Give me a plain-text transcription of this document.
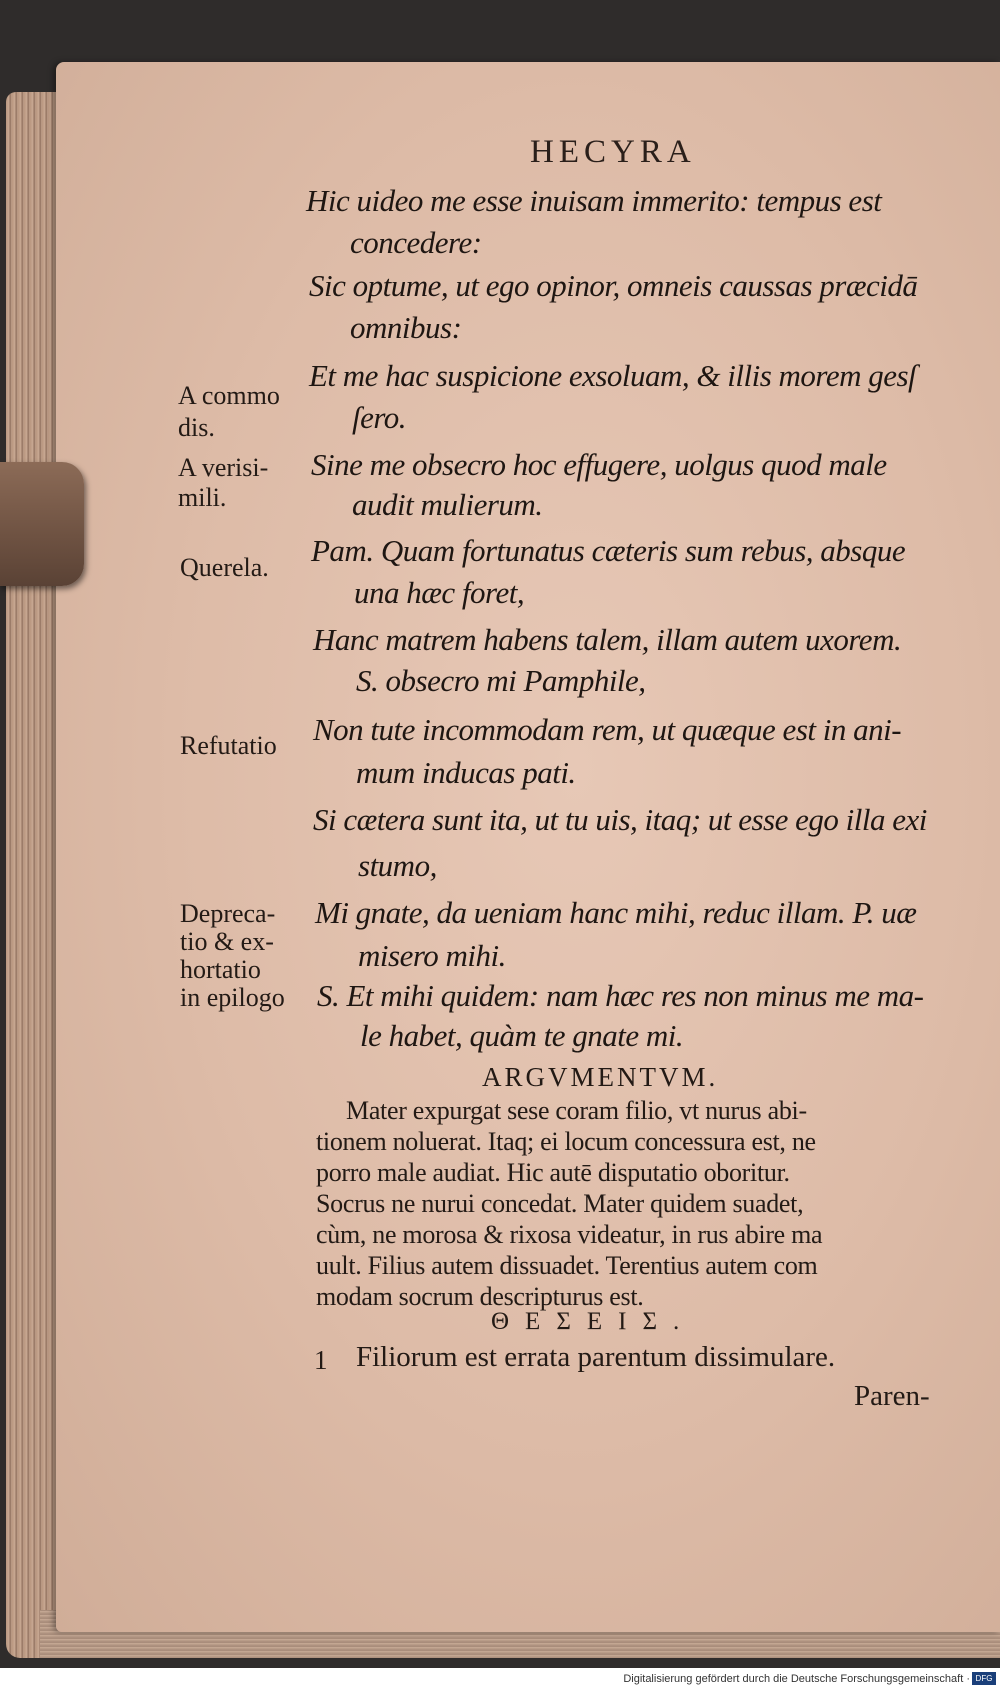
HECYRA
Hic uideo me esse inuisam immerito: tempus est
concedere:
Sic optume, ut ego opinor, omneis caussas præcidā
omnibus:
Et me hac suspicione exsoluam, & illis morem gesſ
ſero.
Sine me obsecro hoc effugere, uolgus quod male
audit mulierum.
Pam. Quam fortunatus cæteris sum rebus, absque
una hæc foret,
Hanc matrem habens talem, illam autem uxorem.
S. obsecro mi Pamphile,
Non tute incommodam rem, ut quæque est in ani-
mum inducas pati.
Si cætera sunt ita, ut tu uis, itaq; ut esse ego illa exi
stumo,
Mi gnate, da ueniam hanc mihi, reduc illam. P. uæ
misero mihi.
S. Et mihi quidem: nam hæc res non minus me ma-
le habet, quàm te gnate mi.
A commo
dis.
A verisi-
mili.
Querela.
Refutatio
Depreca-
tio & ex-
hortatio
in epilogo
ARGVMENTVM.
Mater expurgat sese coram filio, vt nurus abi-
tionem noluerat. Itaq; ei locum concessura est, ne
porro male audiat. Hic autē disputatio oboritur.
Socrus ne nurui concedat. Mater quidem suadet,
cùm, ne morosa & rixosa videatur, in rus abire ma
uult. Filius autem dissuadet. Terentius autem com
modam socrum descripturus est.
ΘΕΣΕΙΣ.
1 Filiorum est errata parentum dissimulare.
Paren-
Digitalisierung gefördert durch die Deutsche Forschungsgemeinschaft · DFG
